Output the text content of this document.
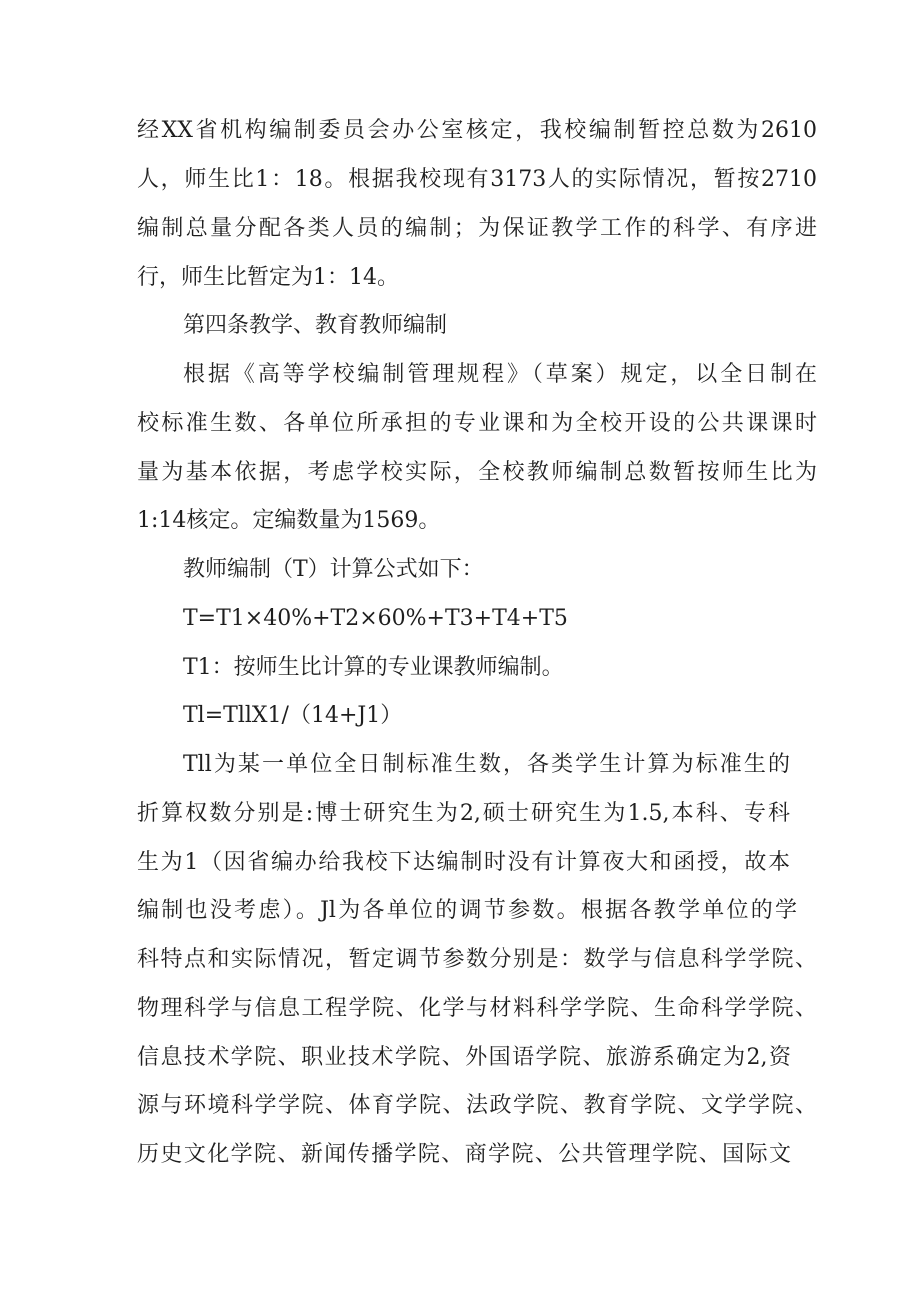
经XX省机构编制委员会办公室核定，我校编制暂控总数为2610
人，师生比1：18。根据我校现有3173人的实际情况，暂按2710
编制总量分配各类人员的编制；为保证教学工作的科学、有序进
行，师生比暂定为1：14。
第四条教学、教育教师编制
根据《高等学校编制管理规程》（草案）规定，以全日制在
校标准生数、各单位所承担的专业课和为全校开设的公共课课时
量为基本依据，考虑学校实际，全校教师编制总数暂按师生比为
1:14核定。定编数量为1569。
教师编制（T）计算公式如下：
T=T1×40%+T2×60%+T3+T4+T5
T1：按师生比计算的专业课教师编制。
Tl=TllX1/（14+J1）
Tll为某一单位全日制标准生数，各类学生计算为标准生的
折算权数分别是:博士研究生为2,硕士研究生为1.5,本科、专科
生为1（因省编办给我校下达编制时没有计算夜大和函授，故本
编制也没考虑）。Jl为各单位的调节参数。根据各教学单位的学
科特点和实际情况，暂定调节参数分别是：数学与信息科学学院、
物理科学与信息工程学院、化学与材料科学学院、生命科学学院、
信息技术学院、职业技术学院、外国语学院、旅游系确定为2,资
源与环境科学学院、体育学院、法政学院、教育学院、文学学院、
历史文化学院、新闻传播学院、商学院、公共管理学院、国际文
